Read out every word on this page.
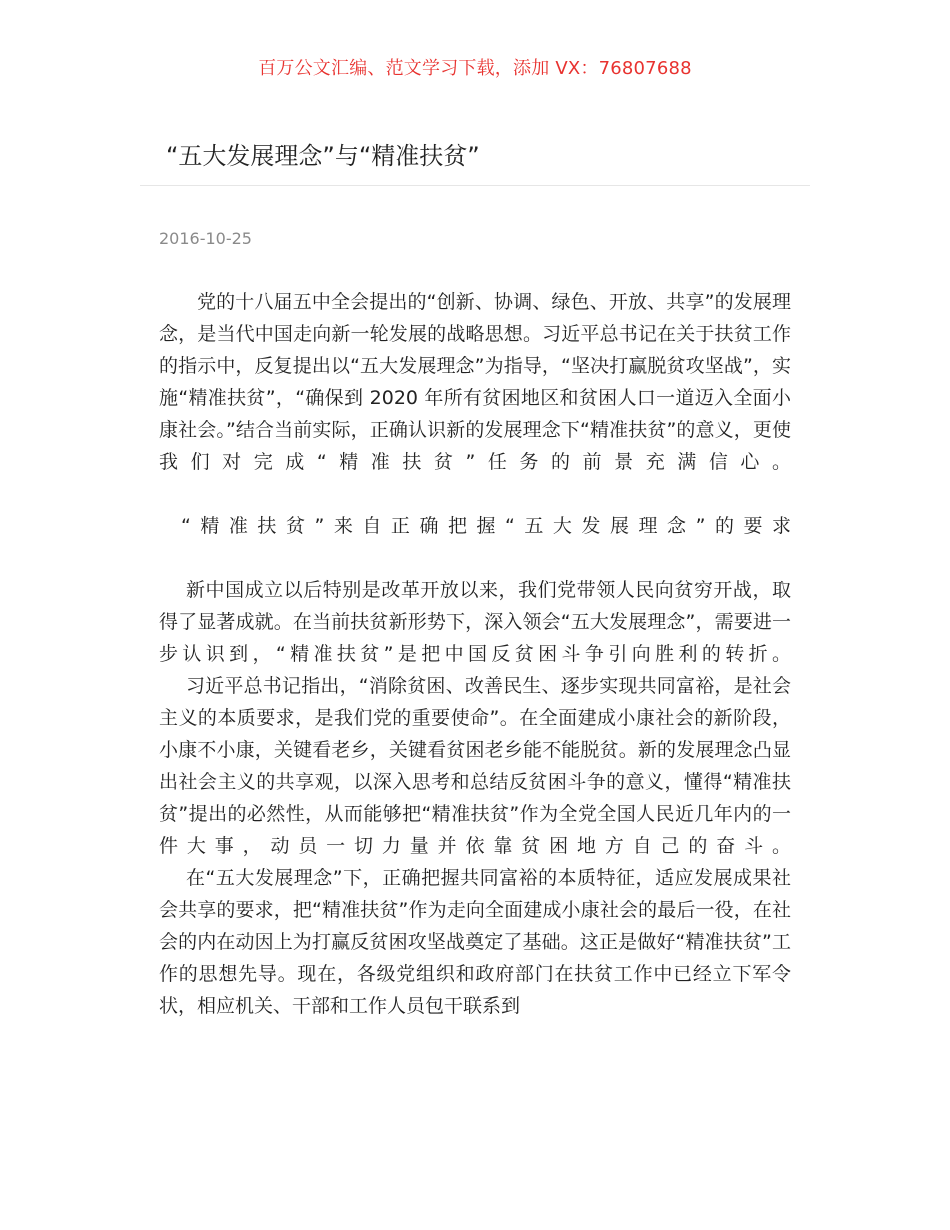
百万公文汇编、范文学习下载，添加 VX：76807688
“五大发展理念”与“精准扶贫”
2016-10-25

党的十八届五中全会提出的“创新、协调、绿色、开放、共享”的发展理念，是当代中国走向新一轮发展的战略思想。习近平总书记在关于扶贫工作的指示中，反复提出以“五大发展理念”为指导，“坚决打赢脱贫攻坚战”，实施“精准扶贫”，“确保到 2020 年所有贫困地区和贫困人口一道迈入全面小康社会。”结合当前实际，正确认识新的发展理念下“精准扶贫”的意义，更使我们对完成“精准扶贫”任务的前景充满信心。

“精准扶贫”来自正确把握“五大发展理念”的要求

新中国成立以后特别是改革开放以来，我们党带领人民向贫穷开战，取得了显著成就。在当前扶贫新形势下，深入领会“五大发展理念”，需要进一步认识到，“精准扶贫”是把中国反贫困斗争引向胜利的转折。

习近平总书记指出，“消除贫困、改善民生、逐步实现共同富裕，是社会主义的本质要求，是我们党的重要使命”。在全面建成小康社会的新阶段，小康不小康，关键看老乡，关键看贫困老乡能不能脱贫。新的发展理念凸显出社会主义的共享观，以深入思考和总结反贫困斗争的意义，懂得“精准扶贫”提出的必然性，从而能够把“精准扶贫”作为全党全国人民近几年内的一件大事，动员一切力量并依靠贫困地方自己的奋斗。

在“五大发展理念”下，正确把握共同富裕的本质特征，适应发展成果社会共享的要求，把“精准扶贫”作为走向全面建成小康社会的最后一役，在社会的内在动因上为打赢反贫困攻坚战奠定了基础。这正是做好“精准扶贫”工作的思想先导。现在，各级党组织和政府部门在扶贫工作中已经立下军令状，相应机关、干部和工作人员包干联系到
